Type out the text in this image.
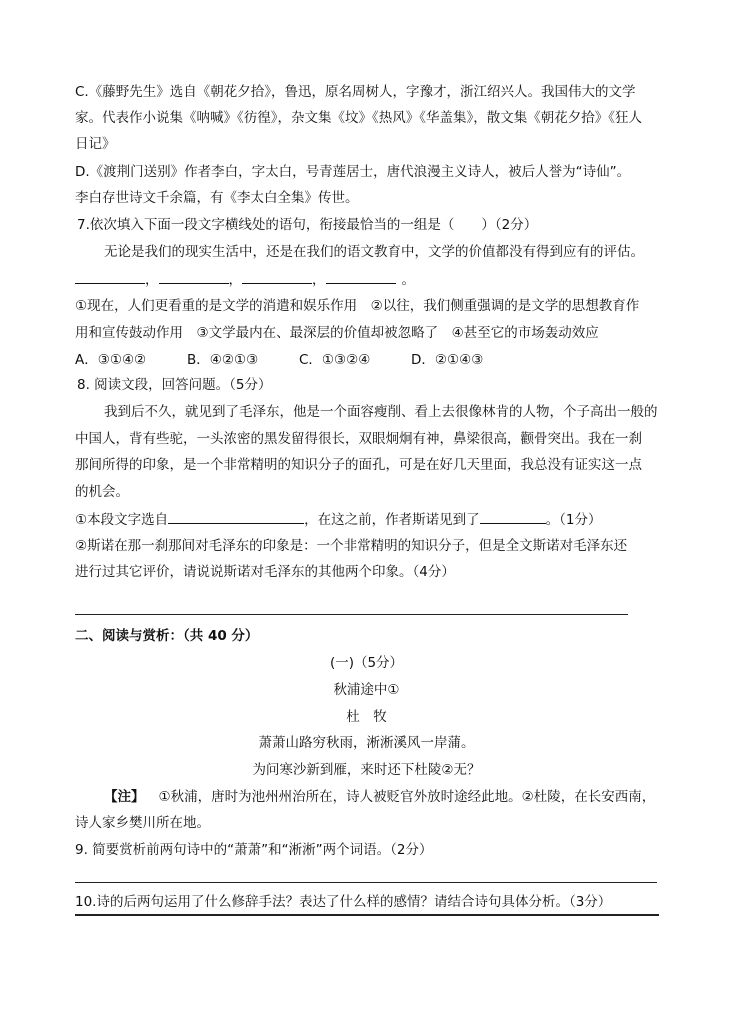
C.《藤野先生》选自《朝花夕拾》，鲁迅，原名周树人，字豫才，浙江绍兴人。我国伟大的文学
家。代表作小说集《呐喊》《彷徨》，杂文集《坟》《热风》《华盖集》，散文集《朝花夕拾》《狂人
日记》
D.《渡荆门送别》作者李白，字太白，号青莲居士，唐代浪漫主义诗人，被后人誉为“诗仙”。
李白存世诗文千余篇，有《李太白全集》传世。
7.依次填入下面一段文字横线处的语句，衔接最恰当的一组是（　　）（2分）
无论是我们的现实生活中，还是在我们的语文教育中，文学的价值都没有得到应有的评估。
，	，	，	。
①现在，人们更看重的是文学的消遣和娱乐作用　②以往，我们侧重强调的是文学的思想教育作
用和宣传鼓动作用　③文学最内在、最深层的价值却被忽略了　④甚至它的市场轰动效应
A．③①④②	B．④②①③	C．①③②④	D．②①④③
8. 阅读文段，回答问题。（5分）
我到后不久，就见到了毛泽东，他是一个面容瘦削、看上去很像林肯的人物，个子高出一般的
中国人，背有些驼，一头浓密的黑发留得很长，双眼炯炯有神，鼻梁很高，颧骨突出。我在一刹
那间所得的印象，是一个非常精明的知识分子的面孔，可是在好几天里面，我总没有证实这一点
的机会。
①本段文字选自	，在这之前，作者斯诺见到了	。（1分）
②斯诺在那一刹那间对毛泽东的印象是：一个非常精明的知识分子，但是全文斯诺对毛泽东还
进行过其它评价，请说说斯诺对毛泽东的其他两个印象。（4分）
二、阅读与赏析：（共 40 分）
(一)（5分）
秋浦途中①
杜　牧
萧萧山路穷秋雨，淅淅溪风一岸蒲。
为问寒沙新到雁，来时还下杜陵②无？
【注】 ①秋浦，唐时为池州州治所在，诗人被贬官外放时途经此地。②杜陵，在长安西南，
诗人家乡樊川所在地。
9. 简要赏析前两句诗中的“萧萧”和“淅淅”两个词语。（2分）
10.诗的后两句运用了什么修辞手法？表达了什么样的感情？请结合诗句具体分析。（3分）
